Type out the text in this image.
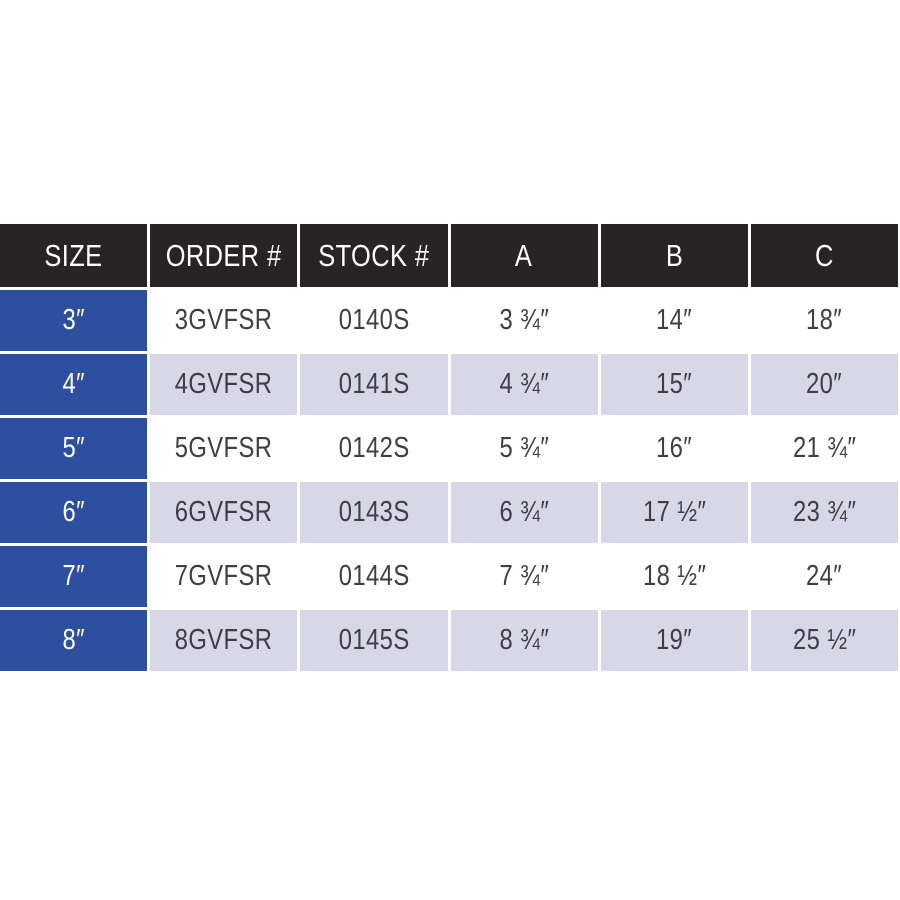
SIZE ORDER # STOCK #	A	B	C
3″	3GVFSR 0140S	3 ¾″	14″	18″
4″	4GVFSR 0141S	4 ¾″	15″	20″
5″	5GVFSR 0142S	5 ¾″	16″	21 ¾″
6″	6GVFSR 0143S	6 ¾″	17 ½″	23 ¾″
7″	7GVFSR 0144S	7 ¾″	18 ½″	24″
8″	8GVFSR 0145S	8 ¾″	19″	25 ½″
